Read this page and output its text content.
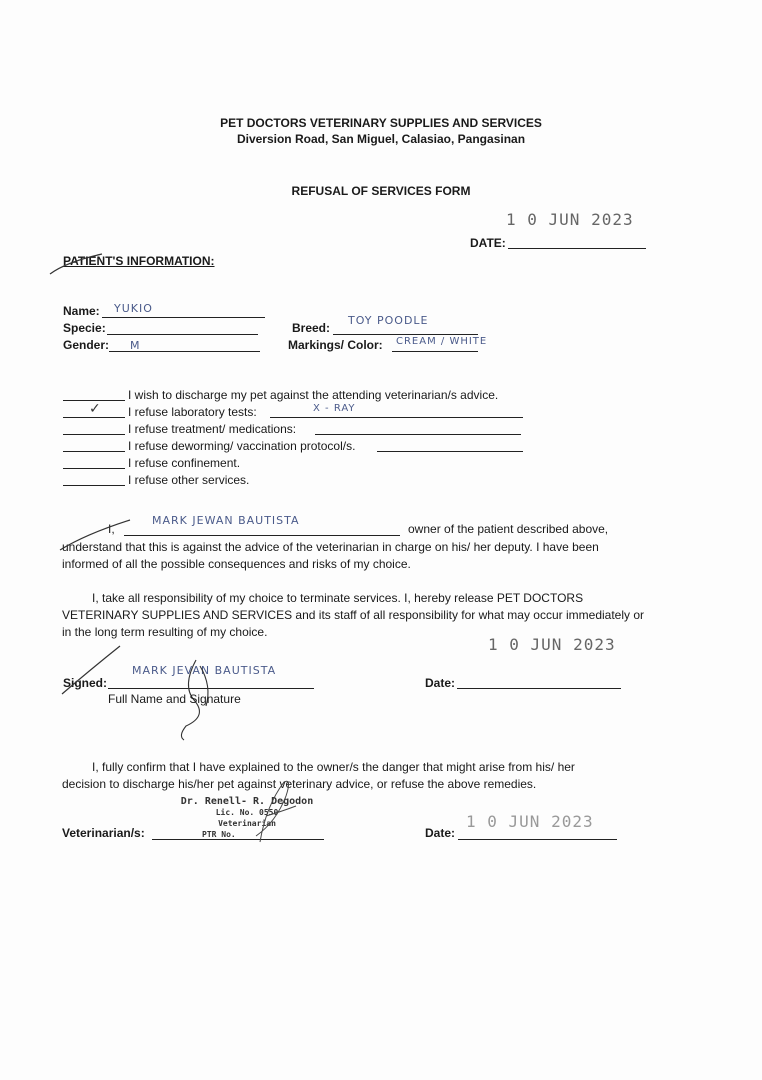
PET DOCTORS VETERINARY SUPPLIES AND SERVICES
Diversion Road, San Miguel, Calasiao, Pangasinan
REFUSAL OF SERVICES FORM
1 0 JUN 2023
DATE:
PATIENT'S INFORMATION:
Name: YUKIO
Specie:
Gender: M
Breed:
TOY POODLE
Markings/ Color: CREAM / WHITE
I wish to discharge my pet against the attending veterinarian/s advice.
✓ I refuse laboratory tests:	X - RAY
I refuse treatment/ medications:
I refuse deworming/ vaccination protocol/s.
I refuse confinement.
I refuse other services.
I,
MARK JEWAN BAUTISTA
owner of the patient described above,
understand that this is against the advice of the veterinarian in charge on his/ her deputy. I have been
informed of all the possible consequences and risks of my choice.
I, take all responsibility of my choice to terminate services. I, hereby release PET DOCTORS
VETERINARY SUPPLIES AND SERVICES and its staff of all responsibility for what may occur immediately or
in the long term resulting of my choice.
1 0 JUN 2023
Signed:
MARK JEVAN BAUTISTA
Full Name and Signature
Date:
I, fully confirm that I have explained to the owner/s the danger that might arise from his/ her
decision to discharge his/her pet against veterinary advice, or refuse the above remedies.
Veterinarian/s:
Dr. Renell- R. Degodon
Lic. No. 0550
Veterinarian
PTR No.
1 0 JUN 2023
Date:
